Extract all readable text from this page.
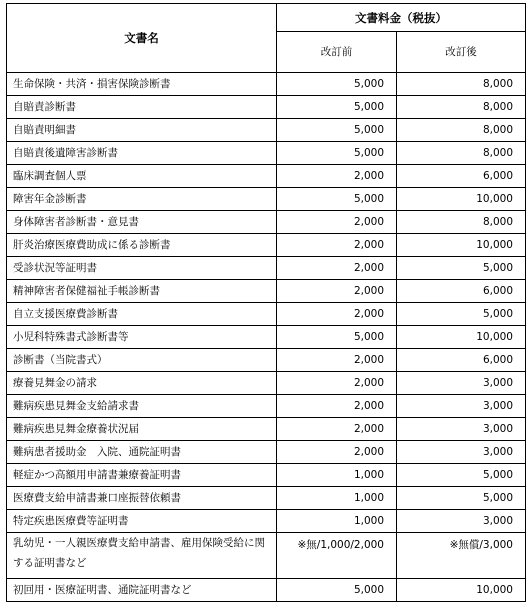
文書名	文書料金（税抜）	
	改訂前	改訂後
生命保険・共済・損害保険診断書	5,000	8,000
自賠責診断書	5,000	8,000
自賠責明細書	5,000	8,000
自賠責後遺障害診断書	5,000	8,000
臨床調査個人票	2,000	6,000
障害年金診断書	5,000	10,000
身体障害者診断書・意見書	2,000	8,000
肝炎治療医療費助成に係る診断書	2,000	10,000
受診状況等証明書	2,000	5,000
精神障害者保健福祉手帳診断書	2,000	6,000
自立支援医療費診断書	2,000	5,000
小児科特殊書式診断書等	5,000	10,000
診断書（当院書式）	2,000	6,000
療養見舞金の請求	2,000	3,000
難病疾患見舞金支給請求書	2,000	3,000
難病疾患見舞金療養状況届	2,000	3,000
難病患者援助金　入院、通院証明書	2,000	3,000
軽症かつ高額用申請書兼療養証明書	1,000	5,000
医療費支給申請書兼口座振替依頼書	1,000	5,000
特定疾患医療費等証明書	1,000	3,000
乳幼児・一人親医療費支給申請書、雇用保険受給に関する証明書など	※無/1,000/2,000	※無償/3,000
初回用・医療証明書、通院証明書など	5,000	10,000
